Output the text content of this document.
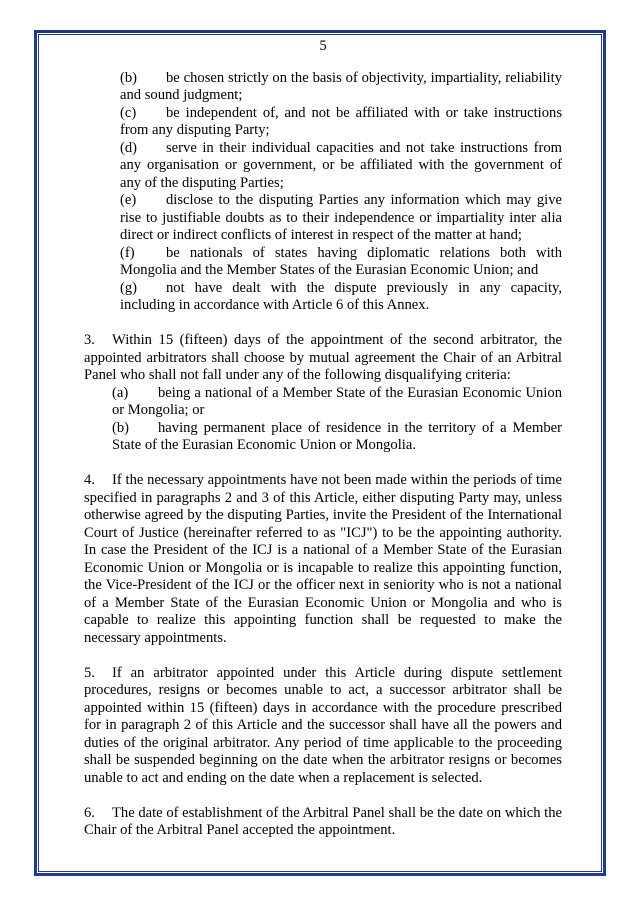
5
(b) be chosen strictly on the basis of objectivity, impartiality, reliability and sound judgment;
(c) be independent of, and not be affiliated with or take instructions from any disputing Party;
(d) serve in their individual capacities and not take instructions from any organisation or government, or be affiliated with the government of any of the disputing Parties;
(e) disclose to the disputing Parties any information which may give rise to justifiable doubts as to their independence or impartiality inter alia direct or indirect conflicts of interest in respect of the matter at hand;
(f) be nationals of states having diplomatic relations both with Mongolia and the Member States of the Eurasian Economic Union; and
(g) not have dealt with the dispute previously in any capacity, including in accordance with Article 6 of this Annex.
3. Within 15 (fifteen) days of the appointment of the second arbitrator, the appointed arbitrators shall choose by mutual agreement the Chair of an Arbitral Panel who shall not fall under any of the following disqualifying criteria:
(a) being a national of a Member State of the Eurasian Economic Union or Mongolia; or
(b) having permanent place of residence in the territory of a Member State of the Eurasian Economic Union or Mongolia.
4. If the necessary appointments have not been made within the periods of time specified in paragraphs 2 and 3 of this Article, either disputing Party may, unless otherwise agreed by the disputing Parties, invite the President of the International Court of Justice (hereinafter referred to as "ICJ") to be the appointing authority. In case the President of the ICJ is a national of a Member State of the Eurasian Economic Union or Mongolia or is incapable to realize this appointing function, the Vice-President of the ICJ or the officer next in seniority who is not a national of a Member State of the Eurasian Economic Union or Mongolia and who is capable to realize this appointing function shall be requested to make the necessary appointments.
5. If an arbitrator appointed under this Article during dispute settlement procedures, resigns or becomes unable to act, a successor arbitrator shall be appointed within 15 (fifteen) days in accordance with the procedure prescribed for in paragraph 2 of this Article and the successor shall have all the powers and duties of the original arbitrator. Any period of time applicable to the proceeding shall be suspended beginning on the date when the arbitrator resigns or becomes unable to act and ending on the date when a replacement is selected.
6. The date of establishment of the Arbitral Panel shall be the date on which the Chair of the Arbitral Panel accepted the appointment.
